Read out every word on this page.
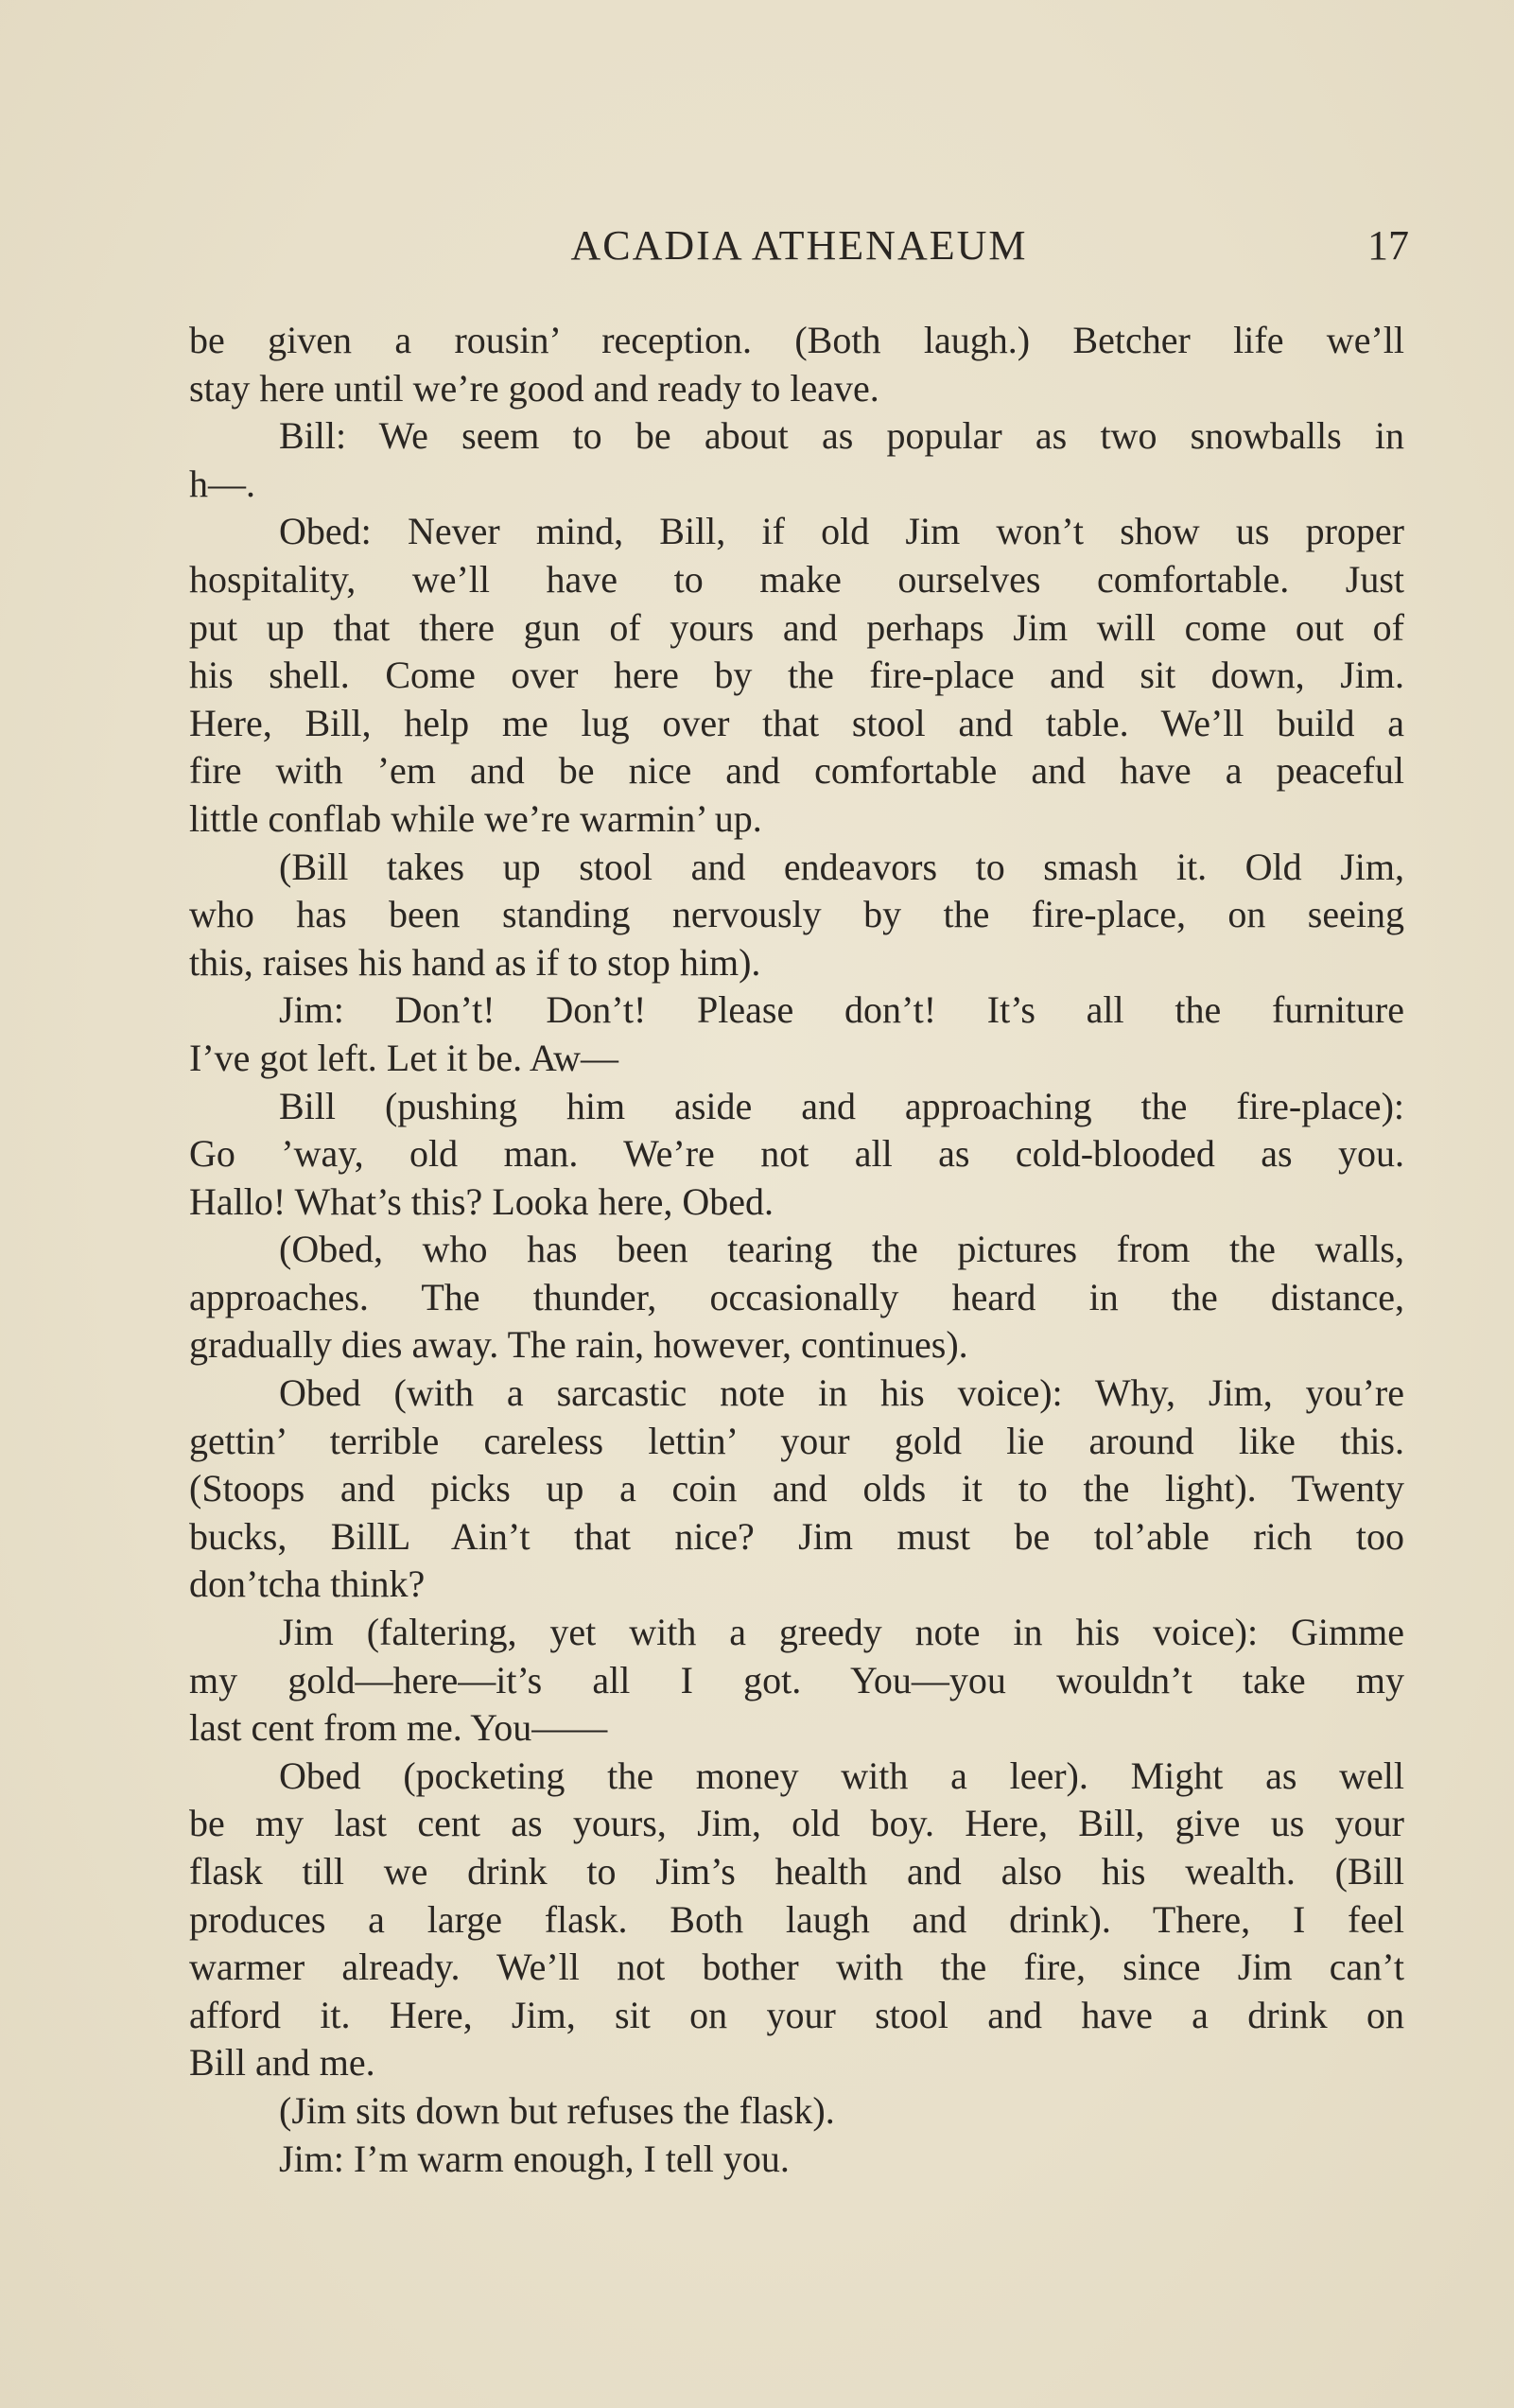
ACADIA ATHENAEUM	17
be given a rousin’ reception. (Both laugh.) Betcher life we’ll
stay here until we’re good and ready to leave.
Bill: We seem to be about as popular as two snowballs in
h—.
Obed: Never mind, Bill, if old Jim won’t show us proper
hospitality, we’ll have to make ourselves comfortable. Just
put up that there gun of yours and perhaps Jim will come out of
his shell. Come over here by the fire-place and sit down, Jim.
Here, Bill, help me lug over that stool and table. We’ll build a
fire with ’em and be nice and comfortable and have a peaceful
little conflab while we’re warmin’ up.
(Bill takes up stool and endeavors to smash it. Old Jim,
who has been standing nervously by the fire-place, on seeing
this, raises his hand as if to stop him).
Jim: Don’t! Don’t! Please don’t! It’s all the furniture
I’ve got left. Let it be. Aw—
Bill (pushing him aside and approaching the fire-place):
Go ’way, old man. We’re not all as cold-blooded as you.
Hallo! What’s this? Looka here, Obed.
(Obed, who has been tearing the pictures from the walls,
approaches. The thunder, occasionally heard in the distance,
gradually dies away. The rain, however, continues).
Obed (with a sarcastic note in his voice): Why, Jim, you’re
gettin’ terrible careless lettin’ your gold lie around like this.
(Stoops and picks up a coin and olds it to the light). Twenty
bucks, BillL Ain’t that nice? Jim must be tol’able rich too
don’tcha think?
Jim (faltering, yet with a greedy note in his voice): Gimme
my gold—here—it’s all I got. You—you wouldn’t take my
last cent from me. You——
Obed (pocketing the money with a leer). Might as well
be my last cent as yours, Jim, old boy. Here, Bill, give us your
flask till we drink to Jim’s health and also his wealth. (Bill
produces a large flask. Both laugh and drink). There, I feel
warmer already. We’ll not bother with the fire, since Jim can’t
afford it. Here, Jim, sit on your stool and have a drink on
Bill and me.
(Jim sits down but refuses the flask).
Jim: I’m warm enough, I tell you.
